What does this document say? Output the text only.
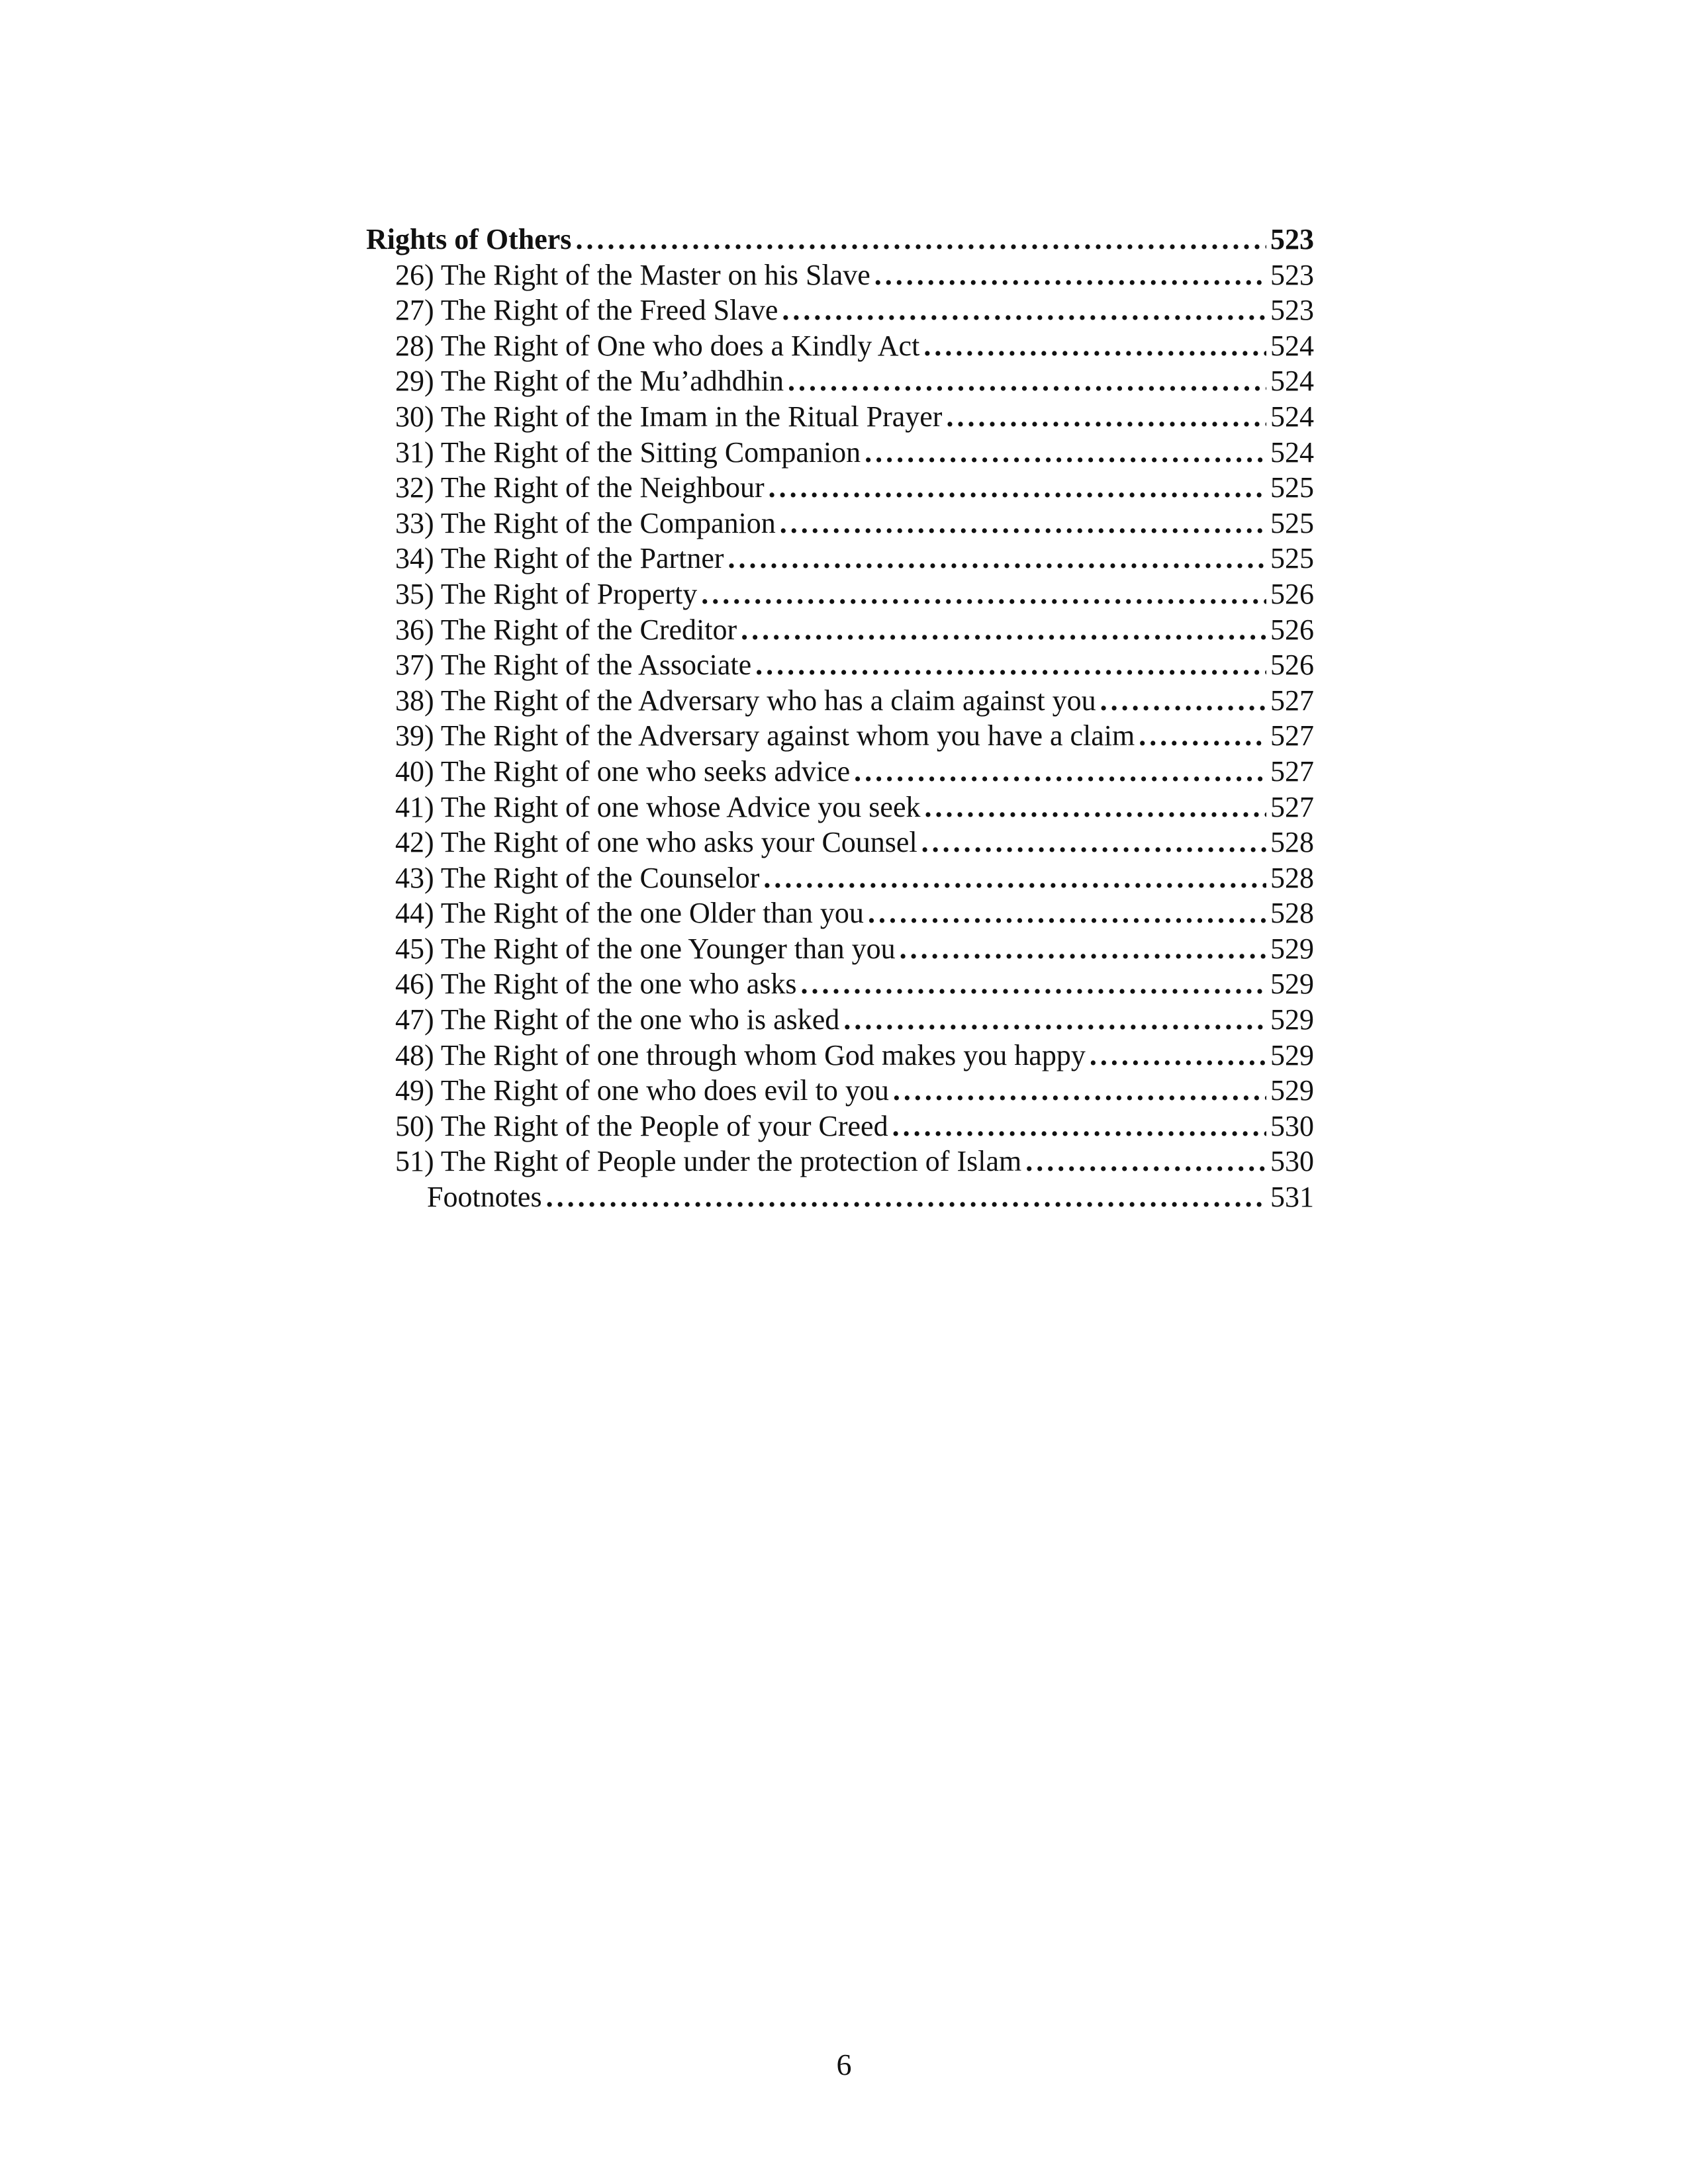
Rights of Others .....	523
26) The Right of the Master on his Slave .....	523
27) The Right of the Freed Slave .....	523
28) The Right of One who does a Kindly Act .....	524
29) The Right of the Mu’adhdhin .....	524
30) The Right of the Imam in the Ritual Prayer .....	524
31) The Right of the Sitting Companion .....	524
32) The Right of the Neighbour .....	525
33) The Right of the Companion .....	525
34) The Right of the Partner .....	525
35) The Right of Property .....	526
36) The Right of the Creditor .....	526
37) The Right of the Associate .....	526
38) The Right of the Adversary who has a claim against you .....	527
39) The Right of the Adversary against whom you have a claim .....	527
40) The Right of one who seeks advice .....	527
41) The Right of one whose Advice you seek .....	527
42) The Right of one who asks your Counsel .....	528
43) The Right of the Counselor .....	528
44) The Right of the one Older than you .....	528
45) The Right of the one Younger than you .....	529
46) The Right of the one who asks .....	529
47) The Right of the one who is asked .....	529
48) The Right of one through whom God makes you happy .....	529
49) The Right of one who does evil to you .....	529
50) The Right of the People of your Creed .....	530
51) The Right of People under the protection of Islam .....	530
Footnotes .....	531
6
